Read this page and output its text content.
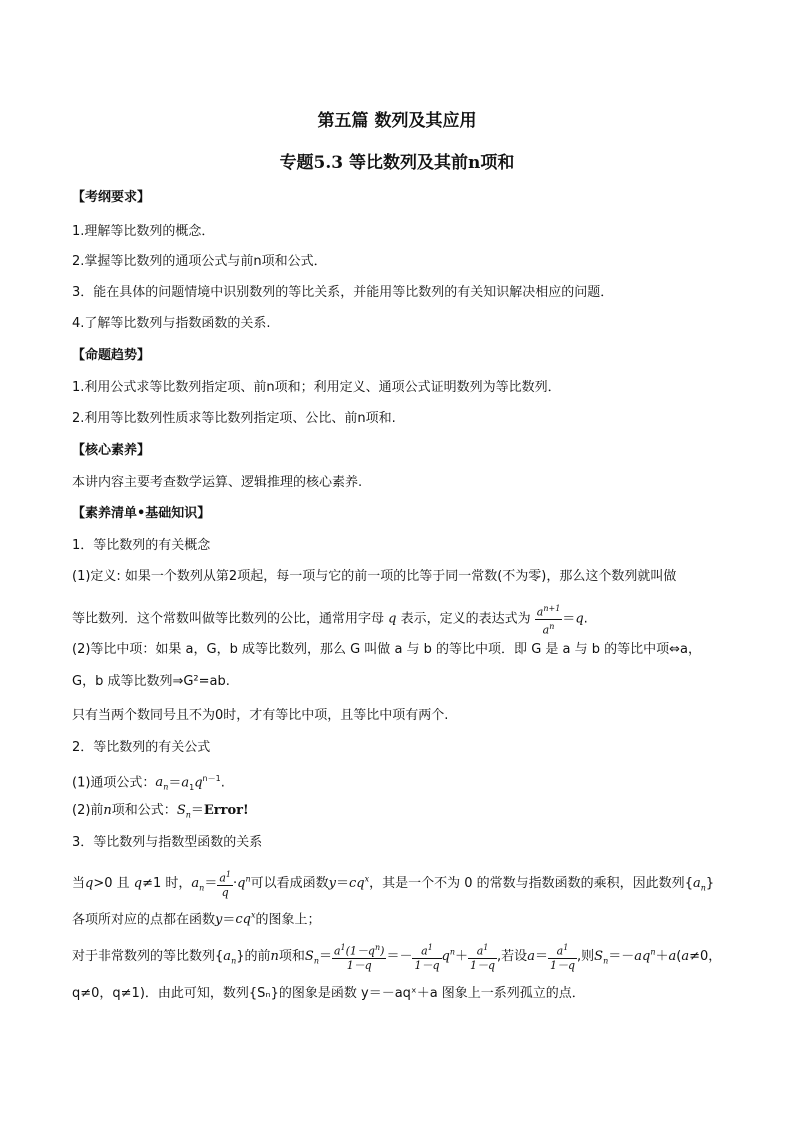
第五篇 数列及其应用
专题5.3 等比数列及其前n项和
【考纲要求】
1.理解等比数列的概念．
2.掌握等比数列的通项公式与前n项和公式．
3．能在具体的问题情境中识别数列的等比关系，并能用等比数列的有关知识解决相应的问题．
4.了解等比数列与指数函数的关系.
【命题趋势】
1.利用公式求等比数列指定项、前n项和；利用定义、通项公式证明数列为等比数列．
2.利用等比数列性质求等比数列指定项、公比、前n项和.
【核心素养】
本讲内容主要考查数学运算、逻辑推理的核心素养.
【素养清单•基础知识】
1．等比数列的有关概念
(1)定义: 如果一个数列从第2项起，每一项与它的前一项的比等于同一常数(不为零)，那么这个数列就叫做
等比数列．这个常数叫做等比数列的公比，通常用字母 q 表示，定义的表达式为 $\frac{a^{n+1}}{a^n} =q$.
(2)等比中项：如果 a，G，b 成等比数列，那么 G 叫做 a 与 b 的等比中项．即 G 是 a 与 b 的等比中项⇔a，
G，b 成等比数列⇒G²=ab.
只有当两个数同号且不为0时，才有等比中项，且等比中项有两个.
2．等比数列的有关公式
(1)通项公式：$a_n=a_1q^{n-1}$.
(2)前n项和公式：$S_n=Error$!
3．等比数列与指数型函数的关系
当q>0 且 q≠1 时，$a_n= \frac{a^1}{q} \cdot q^n$可以看成函数$y=cq^x$，其是一个不为 0 的常数与指数函数的乘积，因此数列$\{a_n\}$
各项所对应的点都在函数$y=cq^x$的图象上；
对于非常数列的等比数列$\{a_n\}$的前n项和$S_n= \frac{a^1(1-q^n)}{1-q} =- \frac{a^1}{1-q} q^n+ \frac{a^1}{1-q}$ ,若设$a= \frac{a^1}{1-q}$ ,则$S_n=-aq^n+a(a\ne 0$，
q≠0，q≠1)．由此可知，数列{Sₙ}的图象是函数 y＝－aqˣ＋a 图象上一系列孤立的点．
